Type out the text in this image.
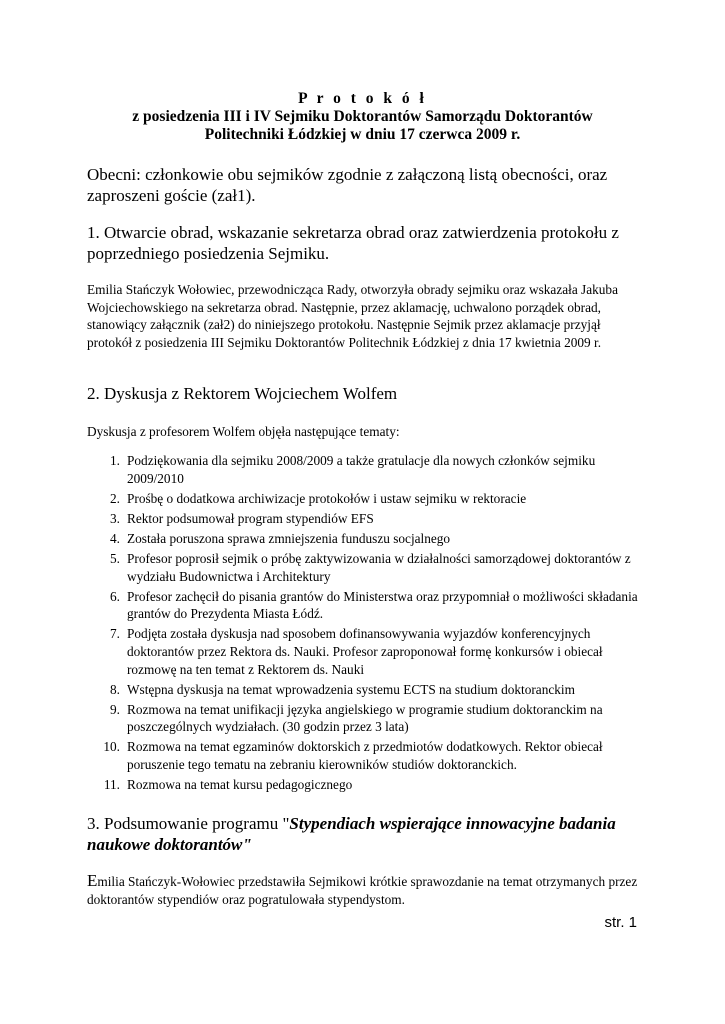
P r o t o k ó ł
z posiedzenia III i IV Sejmiku Doktorantów Samorządu Doktorantów
Politechniki Łódzkiej w dniu 17 czerwca 2009 r.

Obecni: członkowie obu sejmików zgodnie z załączoną listą obecności, oraz zaproszeni goście (zał1).

1. Otwarcie obrad, wskazanie sekretarza obrad oraz zatwierdzenia protokołu z poprzedniego posiedzenia Sejmiku.

Emilia Stańczyk Wołowiec, przewodnicząca Rady, otworzyła obrady sejmiku oraz wskazała Jakuba Wojciechowskiego na sekretarza obrad. Następnie, przez aklamację, uchwalono porządek obrad, stanowiący załącznik (zał2) do niniejszego protokołu. Następnie Sejmik przez aklamacje przyjął protokół z posiedzenia III Sejmiku Doktorantów Politechnik Łódzkiej z dnia 17 kwietnia 2009 r.

2. Dyskusja z Rektorem Wojciechem Wolfem

Dyskusja z profesorem Wolfem objęła następujące tematy:

Podziękowania dla sejmiku 2008/2009 a także gratulacje dla nowych członków sejmiku 2009/2010
Prośbę o dodatkowa archiwizacje protokołów i ustaw sejmiku w rektoracie
Rektor podsumował program stypendiów EFS
Została poruszona sprawa zmniejszenia funduszu socjalnego
Profesor poprosił sejmik o próbę zaktywizowania w działalności samorządowej doktorantów z wydziału Budownictwa i Architektury
Profesor zachęcił do pisania grantów do Ministerstwa oraz przypomniał o możliwości składania grantów do Prezydenta Miasta Łódź.
Podjęta została dyskusja nad sposobem dofinansowywania wyjazdów konferencyjnych doktorantów przez Rektora ds. Nauki. Profesor zaproponował formę konkursów i obiecał rozmowę na ten temat z Rektorem ds. Nauki
Wstępna dyskusja na temat wprowadzenia systemu ECTS na studium doktoranckim
Rozmowa na temat unifikacji języka angielskiego w programie studium doktoranckim na poszczególnych wydziałach. (30 godzin przez 3 lata)
Rozmowa na temat egzaminów doktorskich z przedmiotów dodatkowych. Rektor obiecał poruszenie tego tematu na zebraniu kierowników studiów doktoranckich.
Rozmowa na temat kursu pedagogicznego

3. Podsumowanie programu "Stypendiach wspierające innowacyjne badania naukowe doktorantów"

Emilia Stańczyk-Wołowiec przedstawiła Sejmikowi krótkie sprawozdanie na temat otrzymanych przez doktorantów stypendiów oraz pogratulowała stypendystom.

str. 1
